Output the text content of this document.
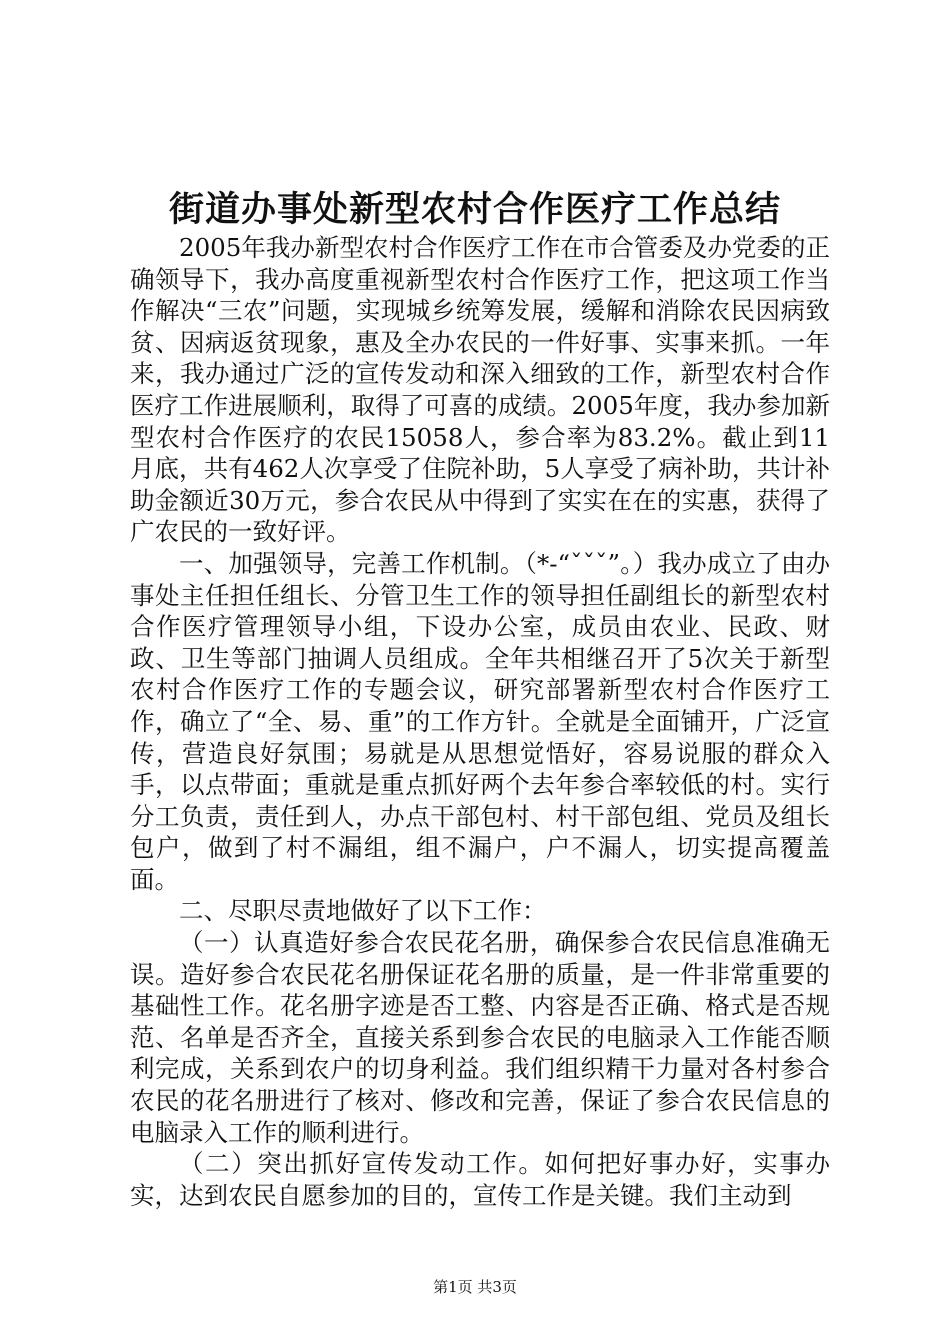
街道办事处新型农村合作医疗工作总结

2005年我办新型农村合作医疗工作在市合管委及办党委的正确领导下，我办高度重视新型农村合作医疗工作，把这项工作当作解决“三农”问题，实现城乡统筹发展，缓解和消除农民因病致贫、因病返贫现象，惠及全办农民的一件好事、实事来抓。一年来，我办通过广泛的宣传发动和深入细致的工作，新型农村合作医疗工作进展顺利，取得了可喜的成绩。2005年度，我办参加新型农村合作医疗的农民15058人，参合率为83.2%。截止到11月底，共有462人次享受了住院补助，5人享受了病补助，共计补助金额近30万元，参合农民从中得到了实实在在的实惠，获得了广农民的一致好评。

一、加强领导，完善工作机制。（*-“ˇˇˇ”。）我办成立了由办事处主任担任组长、分管卫生工作的领导担任副组长的新型农村合作医疗管理领导小组，下设办公室，成员由农业、民政、财政、卫生等部门抽调人员组成。全年共相继召开了5次关于新型农村合作医疗工作的专题会议，研究部署新型农村合作医疗工作，确立了“全、易、重”的工作方针。全就是全面铺开，广泛宣传，营造良好氛围；易就是从思想觉悟好，容易说服的群众入手，以点带面；重就是重点抓好两个去年参合率较低的村。实行分工负责，责任到人，办点干部包村、村干部包组、党员及组长包户，做到了村不漏组，组不漏户，户不漏人，切实提高覆盖面。

二、尽职尽责地做好了以下工作：

（一）认真造好参合农民花名册，确保参合农民信息准确无误。造好参合农民花名册保证花名册的质量，是一件非常重要的基础性工作。花名册字迹是否工整、内容是否正确、格式是否规范、名单是否齐全，直接关系到参合农民的电脑录入工作能否顺利完成，关系到农户的切身利益。我们组织精干力量对各村参合农民的花名册进行了核对、修改和完善，保证了参合农民信息的电脑录入工作的顺利进行。

（二）突出抓好宣传发动工作。如何把好事办好，实事办实，达到农民自愿参加的目的，宣传工作是关键。我们主动到

第1页 共3页
